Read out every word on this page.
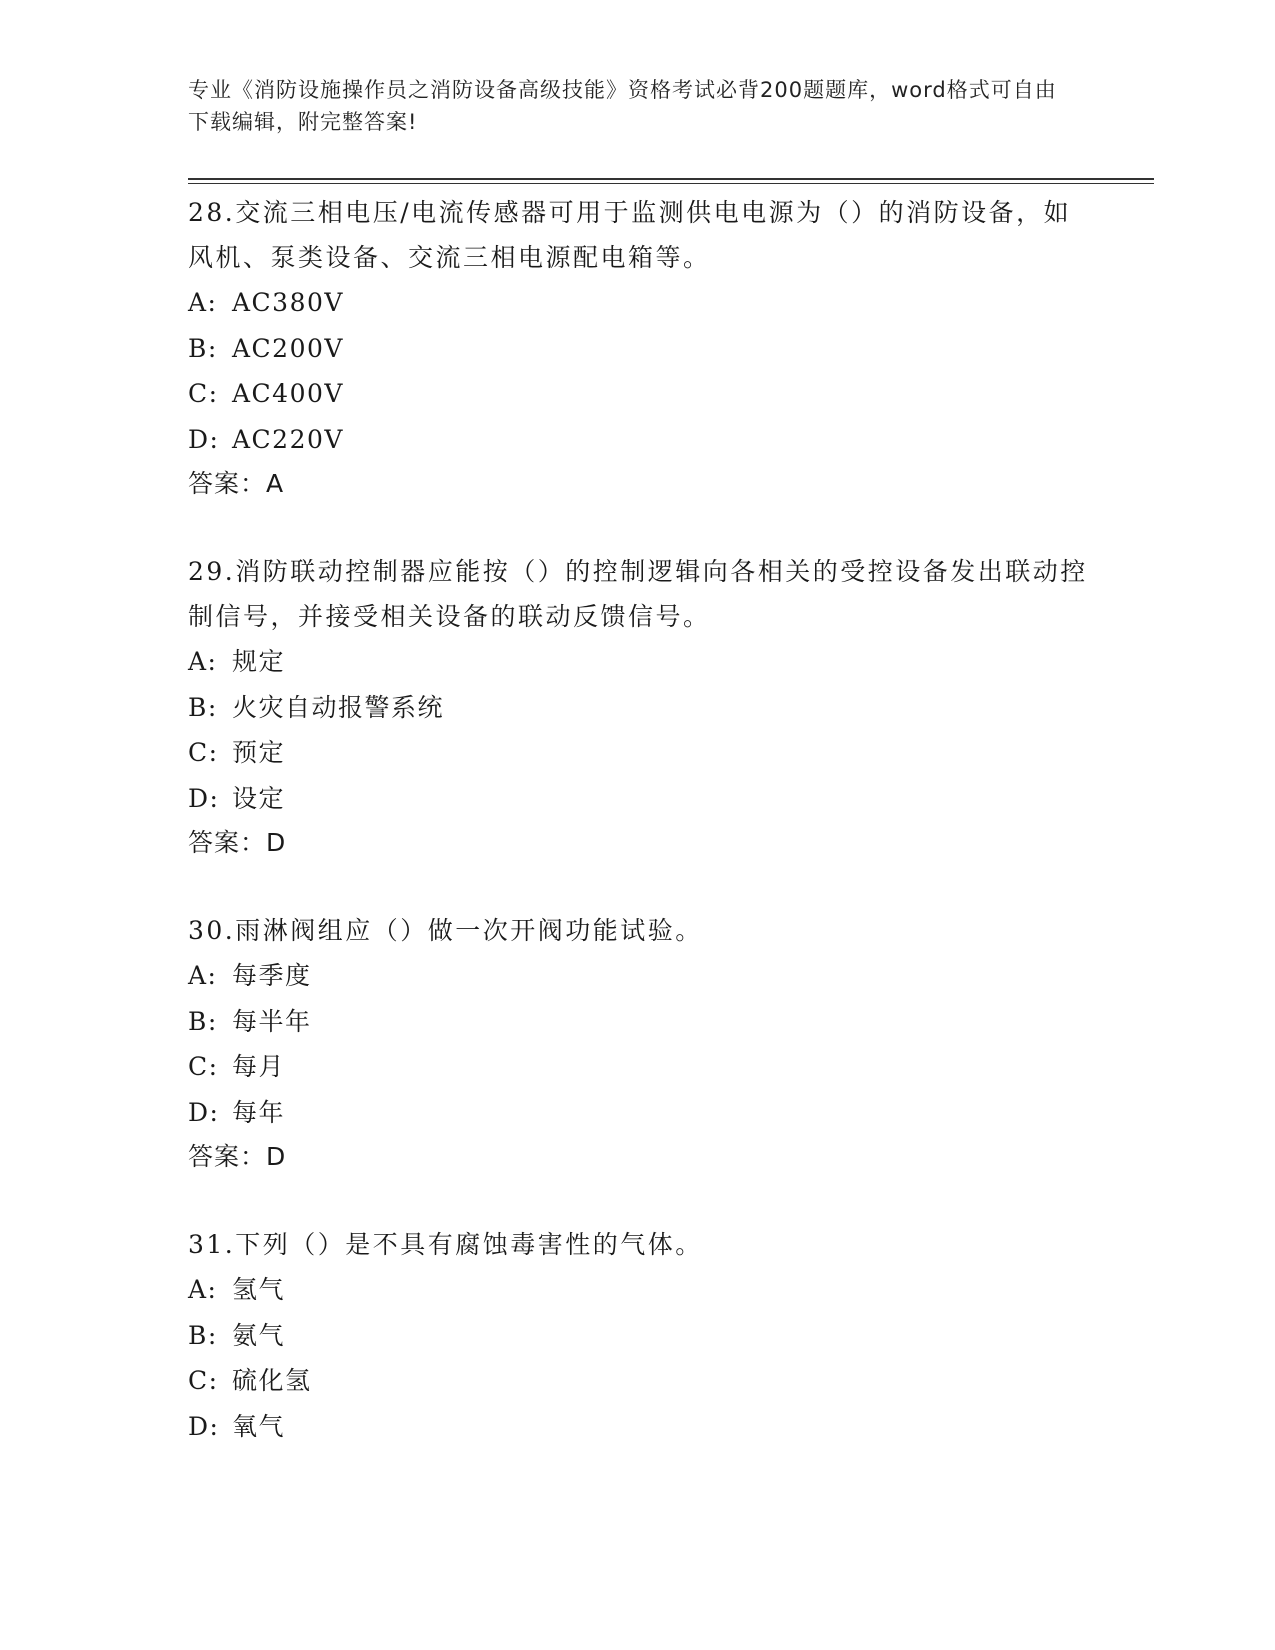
专业《消防设施操作员之消防设备高级技能》资格考试必背200题题库，word格式可自由下载编辑，附完整答案!

28.交流三相电压/电流传感器可用于监测供电电源为（）的消防设备，如风机、泵类设备、交流三相电源配电箱等。

A: AC380V

B: AC200V

C: AC400V

D: AC220V

答案：A

29.消防联动控制器应能按（）的控制逻辑向各相关的受控设备发出联动控制信号，并接受相关设备的联动反馈信号。

A: 规定

B: 火灾自动报警系统

C: 预定

D: 设定

答案：D

30.雨淋阀组应（）做一次开阀功能试验。

A: 每季度

B: 每半年

C: 每月

D: 每年

答案：D

31.下列（）是不具有腐蚀毒害性的气体。

A: 氢气

B: 氨气

C: 硫化氢

D: 氧气
